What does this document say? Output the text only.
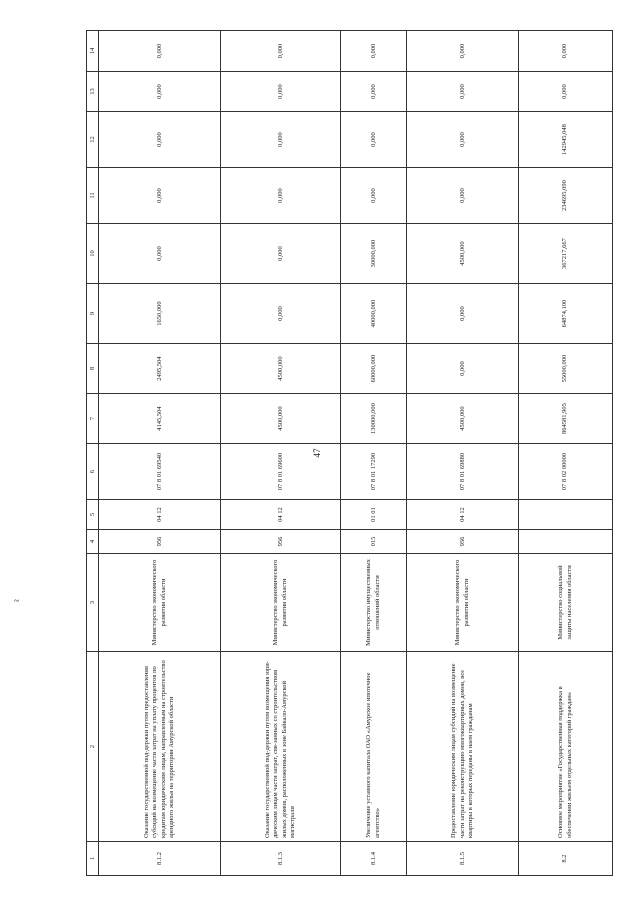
47
~
1	2	3	4	5	6	7	8	9	10	11	12	13	14
8.1.2	Оказание государственной под-держки путем предоставления субсидий на возмещение части затрат на уплату процентов по кредитам юридическим лицам, направленным на строительство арендного жилья на территории Амурской области	Министерство экономического развития области	956	04 12	07 8 01 69540	4145,504	2495,504	1650,000	0,000	0,000	0,000	0,000	0,000
8.1.3	Оказание государственной под-держки путем возмещения юри-дическим лицам части затрат, свя-занных со строительством жилых домов, расположенных в зоне Байкало-Амурской магистрали	Министерство экономического развития области	956	04 12	07 8 01 69600	4500,000	4500,000	0,000	0,000	0,000	0,000	0,000	0,000
8.1.4	Увеличение уставного капитала ОАО «Амурское ипотечное агентство»	Министерство имущественных отношений области	015	01 01	07 8 01 17290	130000,000	60000,000	40000,000	30000,000	0,000	0,000	0,000	0,000
8.1.5	Предоставление юридическим лицам субсидий на возмещение части затрат на реконструкцию многоквартирных домов, все квартиры в которых переданы в наем гражданам	Министерство экономического развития области	956	04 12	07 8 01 69880	4500,000	0,000	0,000	4500,000	0,000	0,000	0,000	0,000
8.2	Основное мероприятие «Государственная поддержка в обеспечении жильем отдельных категорий граждан»	Министерство социальной защиты населения области			07 8 02 00000	864581,905	55000,000	64874,100	367217,667	234695,090	142945,048	0,000	0,000
